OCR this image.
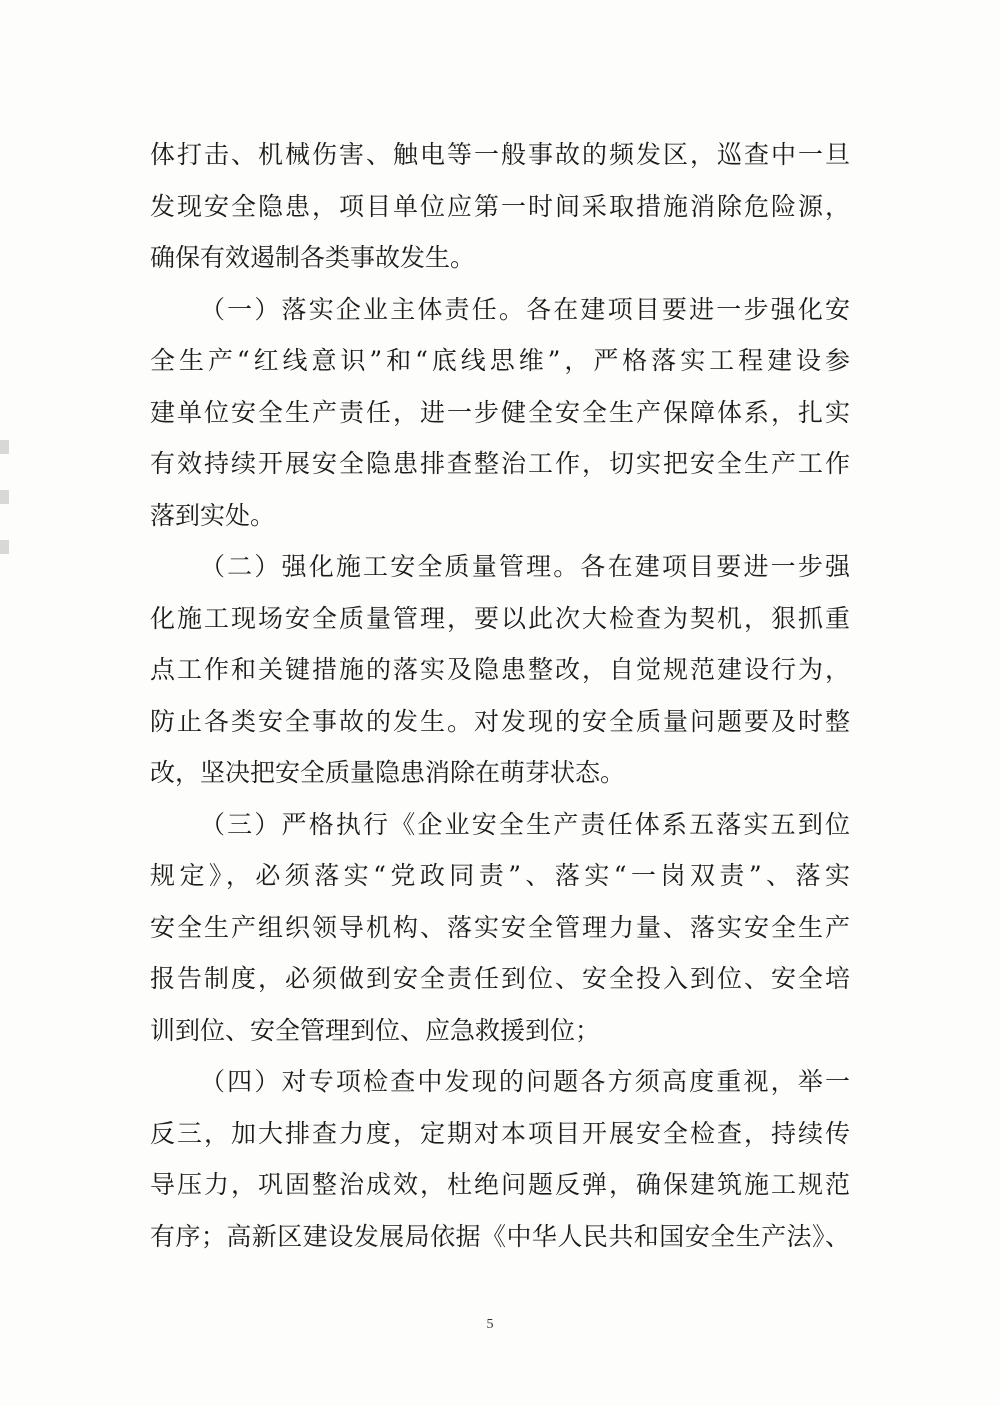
体打击、机械伤害、触电等一般事故的频发区，巡查中一旦
发现安全隐患，项目单位应第一时间采取措施消除危险源，
确保有效遏制各类事故发生。
（一）落实企业主体责任。各在建项目要进一步强化安
全生产“红线意识”和“底线思维”，严格落实工程建设参
建单位安全生产责任，进一步健全安全生产保障体系，扎实
有效持续开展安全隐患排查整治工作，切实把安全生产工作
落到实处。
（二）强化施工安全质量管理。各在建项目要进一步强
化施工现场安全质量管理，要以此次大检查为契机，狠抓重
点工作和关键措施的落实及隐患整改，自觉规范建设行为，
防止各类安全事故的发生。对发现的安全质量问题要及时整
改，坚决把安全质量隐患消除在萌芽状态。
（三）严格执行《企业安全生产责任体系五落实五到位
规定》，必须落实“党政同责”、落实“一岗双责”、落实
安全生产组织领导机构、落实安全管理力量、落实安全生产
报告制度，必须做到安全责任到位、安全投入到位、安全培
训到位、安全管理到位、应急救援到位；
（四）对专项检查中发现的问题各方须高度重视，举一
反三，加大排查力度，定期对本项目开展安全检查，持续传
导压力，巩固整治成效，杜绝问题反弹，确保建筑施工规范
有序；高新区建设发展局依据《中华人民共和国安全生产法》、
5
